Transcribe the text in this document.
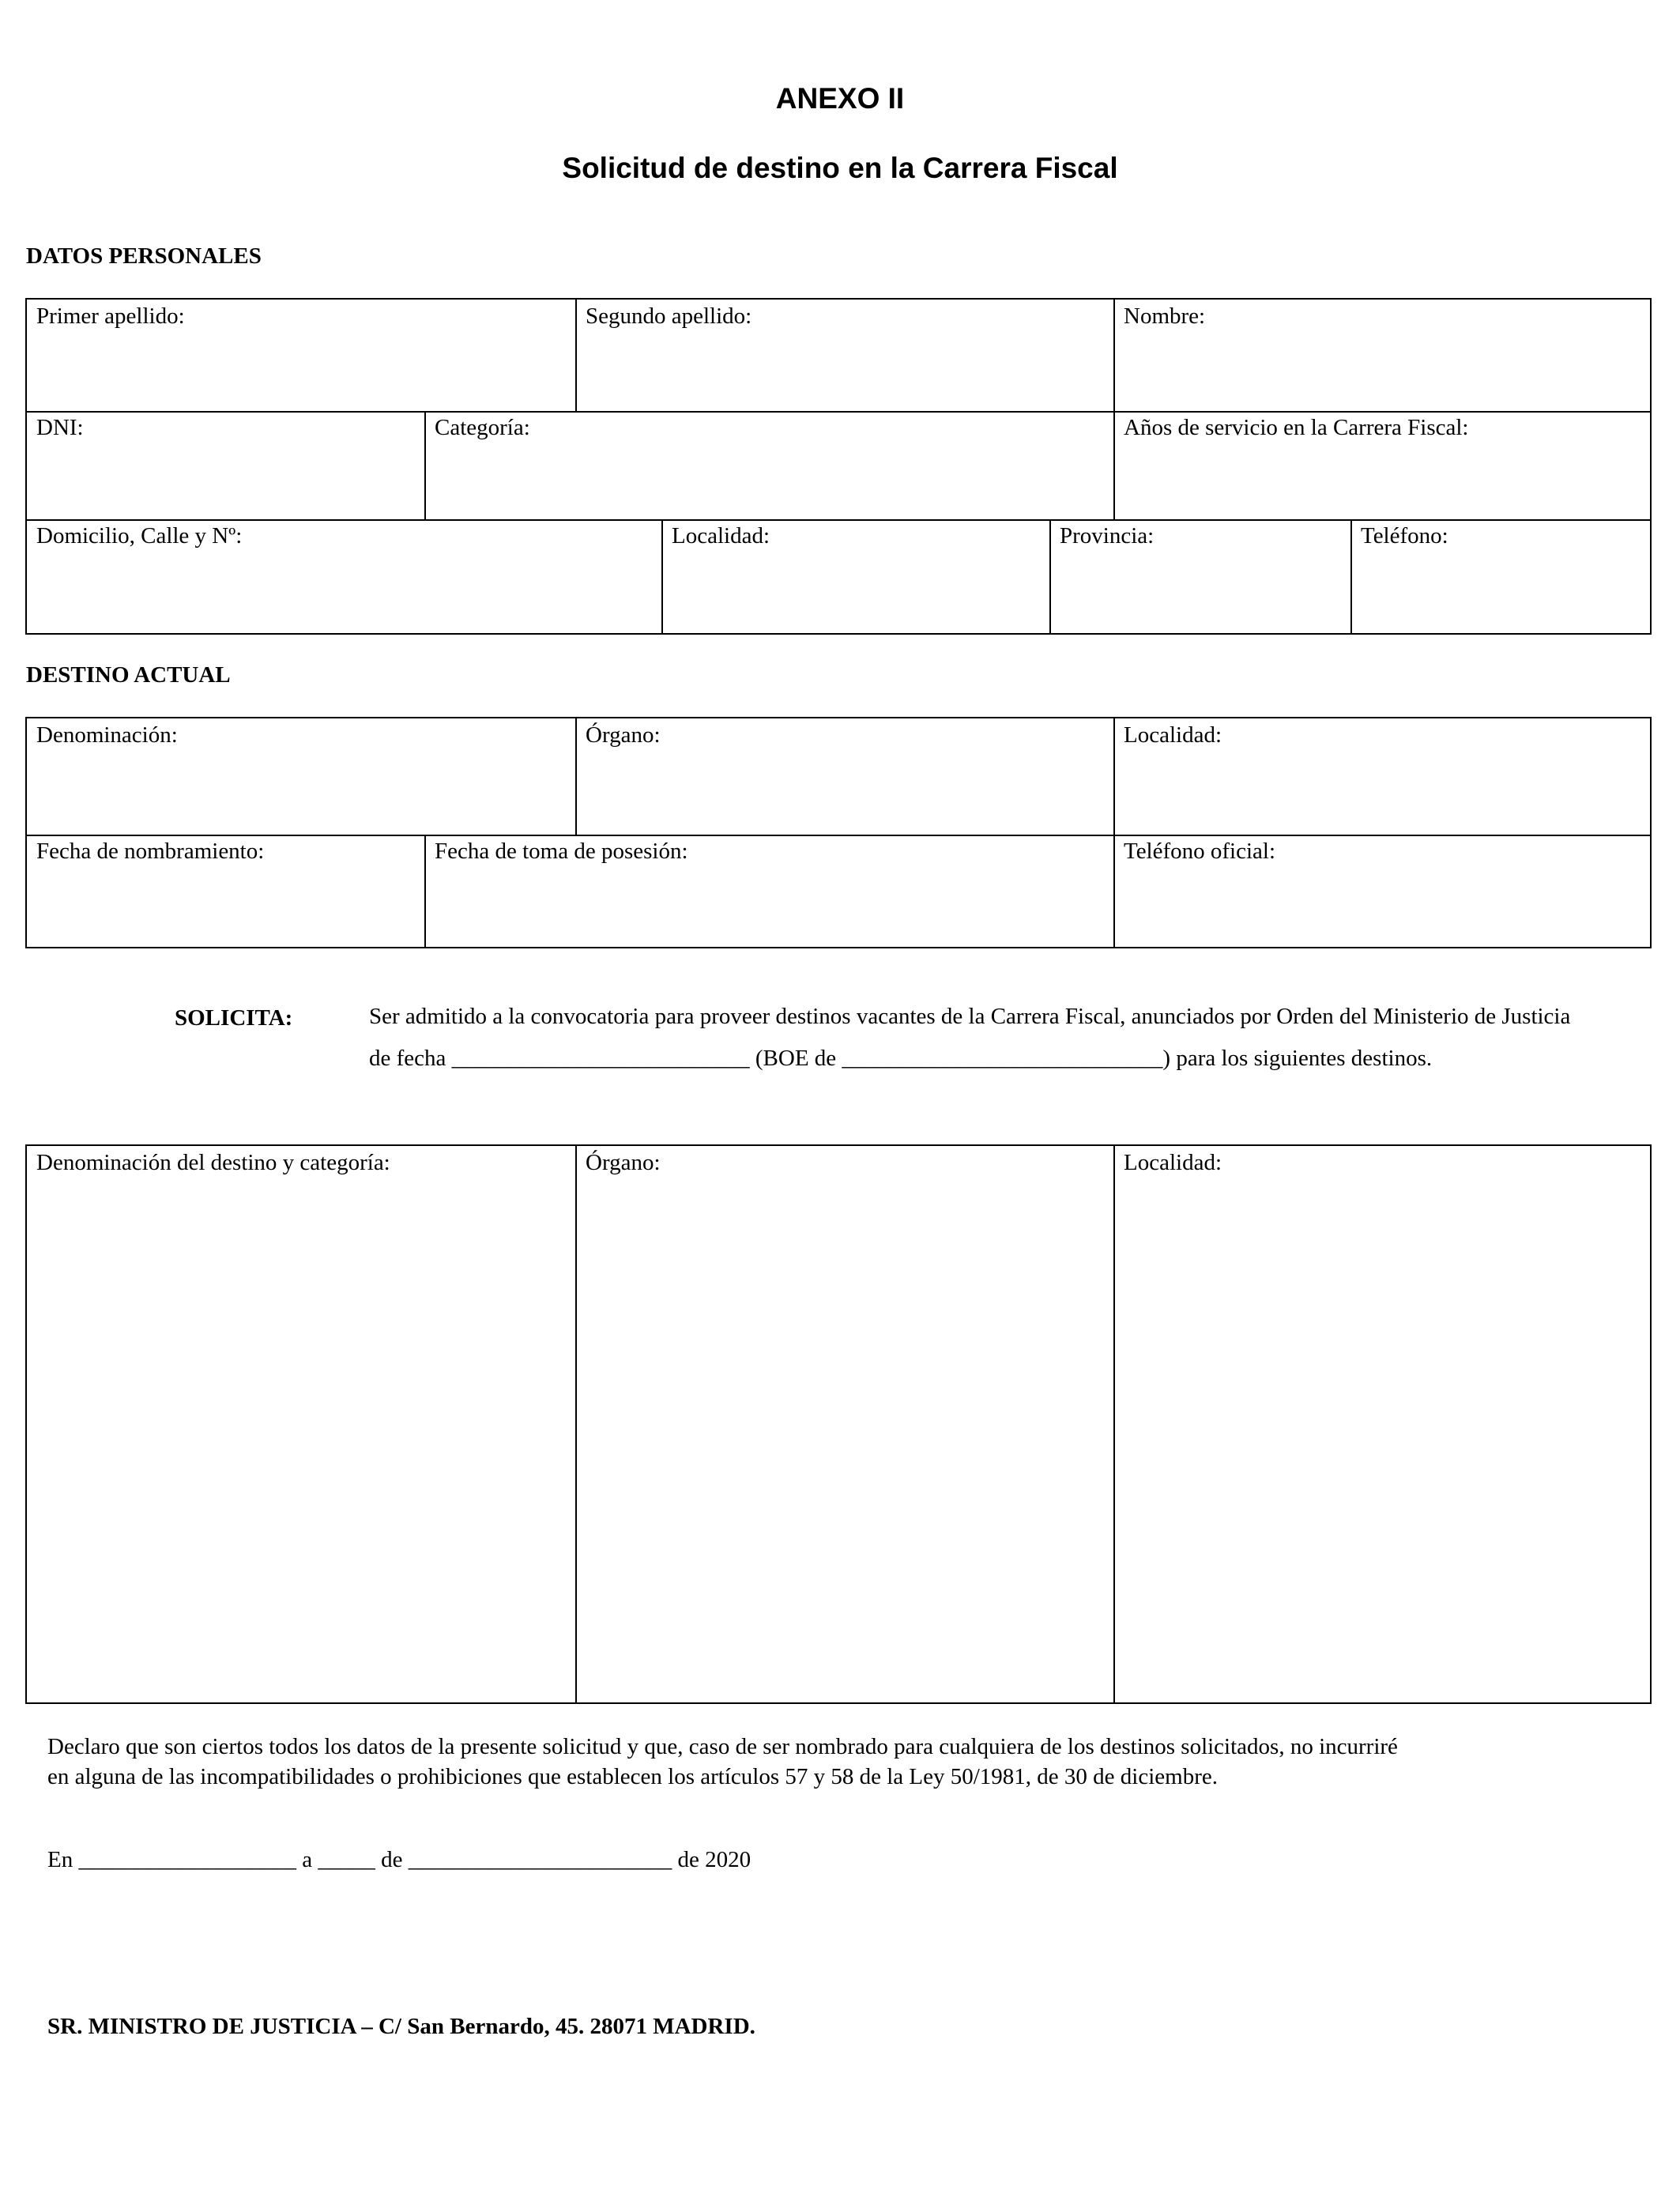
ANEXO II
Solicitud de destino en la Carrera Fiscal
DATOS PERSONALES
Primer apellido:	Segundo apellido:	Nombre:
DNI:	Categoría:	Años de servicio en la Carrera Fiscal:
Domicilio, Calle y Nº:	Localidad:	Provincia:	Teléfono:
DESTINO ACTUAL
Denominación:	Órgano:	Localidad:
Fecha de nombramiento:	Fecha de toma de posesión:	Teléfono oficial:
SOLICITA:	Ser admitido a la convocatoria para proveer destinos vacantes de la Carrera Fiscal, anunciados por Orden del Ministerio de Justicia
de fecha __________________________ (BOE de ____________________________) para los siguientes destinos.
Denominación del destino y categoría:	Órgano:	Localidad:
Declaro que son ciertos todos los datos de la presente solicitud y que, caso de ser nombrado para cualquiera de los destinos solicitados, no incurriré
en alguna de las incompatibilidades o prohibiciones que establecen los artículos 57 y 58 de la Ley 50/1981, de 30 de diciembre.
En ___________________ a _____ de _______________________ de 2020
SR. MINISTRO DE JUSTICIA – C/ San Bernardo, 45. 28071 MADRID.
